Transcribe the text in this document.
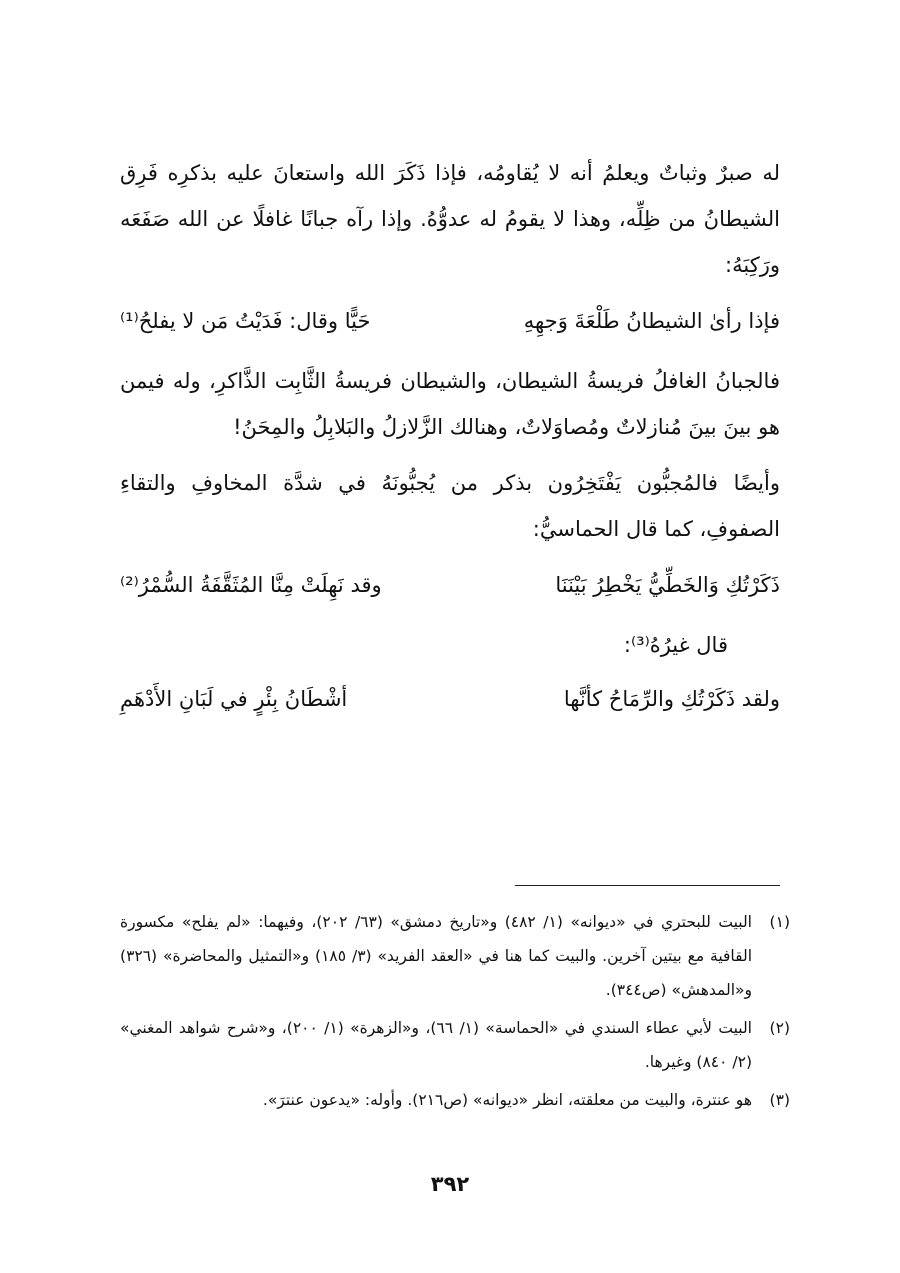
له صبرٌ وثباتٌ ويعلمُ أنه لا يُقاومُه، فإذا ذَكَرَ الله واستعانَ عليه بذكرِه فَرِق الشيطانُ من ظِلِّه، وهذا لا يقومُ له عدوُّهُ. وإذا رآه جبانًا غافلًا عن الله صَفَعَه ورَكِبَهُ:

فإذا رأىٰ الشيطانُ طَلْعَةَ وَجهِهِ
حَيًّا وقال: فَدَيْتُ مَن لا يفلحُ⁽¹⁾

فالجبانُ الغافلُ فريسةُ الشيطان، والشيطان فريسةُ الثَّابِت الذَّاكرِ، وله فيمن هو بينَ بينَ مُنازلاتٌ ومُصاوَلاتٌ، وهنالك الزَّلازلُ والبَلابِلُ والمِحَنُ!

وأيضًا فالمُجبُّون يَفْتَخِرُون بذكر من يُجبُّونَهُ في شدَّة المخاوفِ والتقاءِ الصفوفِ، كما قال الحماسيُّ:

ذَكَرْتُكِ وَالخَطِّيُّ يَخْطِرُ بَيْنَنَا
وقد نَهِلَتْ مِنَّا المُثَقَّفَةُ السُّمْرُ⁽²⁾

قال غيرُهُ⁽³⁾:

ولقد ذَكَرْتُكِ والرِّمَاحُ كأنَّها
أشْطَانُ بِئْرٍ في لَبَانِ الأَدْهَمِ
(١)
البيت للبحتري في «ديوانه» (١/ ٤٨٢) و«تاريخ دمشق» (٦٣/ ٢٠٢)، وفيهما: «لم يفلح» مكسورة القافية مع بيتين آخرين. والبيت كما هنا في «العقد الفريد» (٣/ ١٨٥) و«التمثيل والمحاضرة» (٣٢٦) و«المدهش» (ص٣٤٤).
(٢)
البيت لأبي عطاء السندي في «الحماسة» (١/ ٦٦)، و«الزهرة» (١/ ٢٠٠)، و«شرح شواهد المغني» (٢/ ٨٤٠) وغيرها.
(٣)
هو عنترة، والبيت من معلقته، انظر «ديوانه» (ص٢١٦). وأوله: «يدعون عنترَ».
٣٩٢
